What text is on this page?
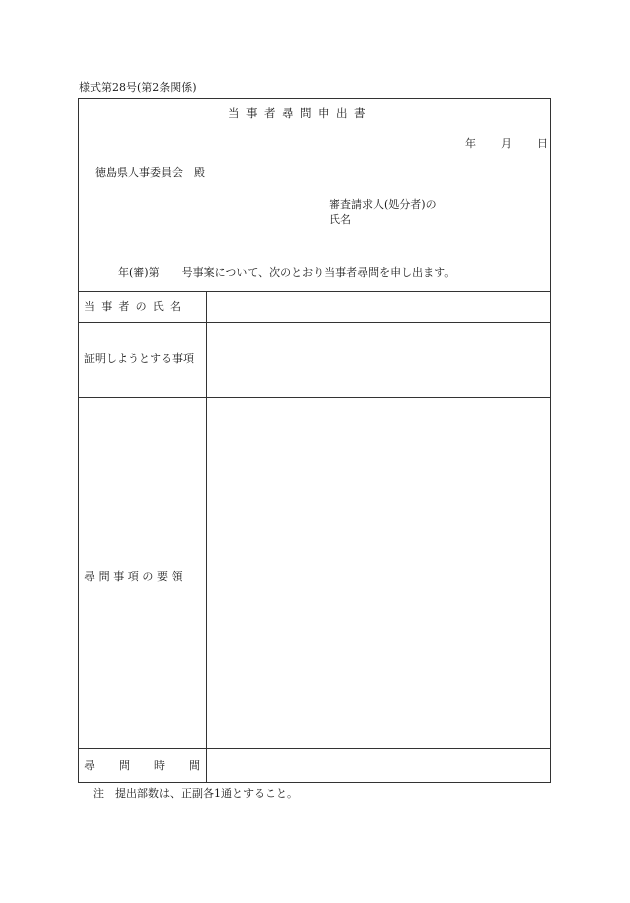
様式第28号(第2条関係)
当事者尋問申出書
年 月 日
徳島県人事委員会　殿
審査請求人(処分者)の
氏名
年(審)第　　号事案について、次のとおり当事者尋問を申し出ます。
当事者の氏名
証明しようとする事項
尋問事項の要領
尋問時間
注　提出部数は、正副各1通とすること。
